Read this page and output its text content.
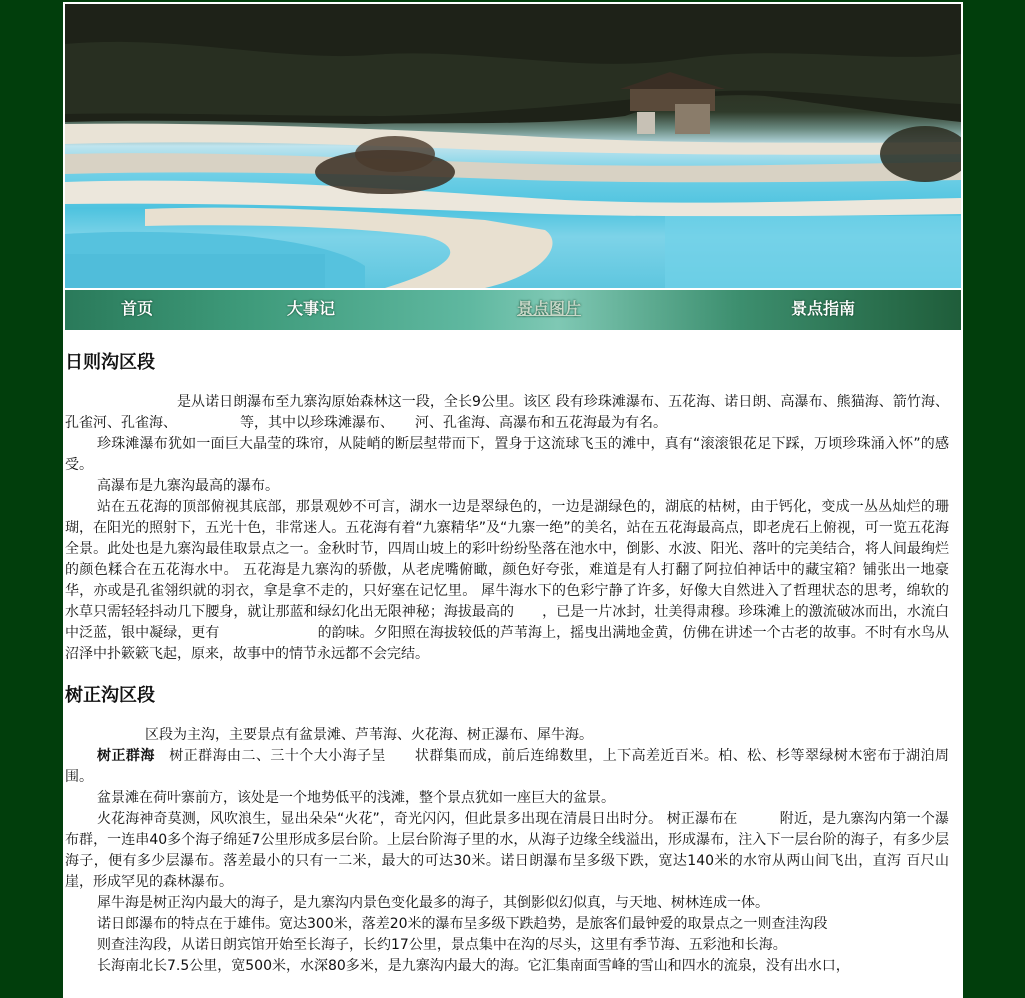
首页	大事记	景点图片	景点指南
日则沟区段

是从诺日朗瀑布至九寨沟原始森林这一段，全长9公里。该区 段有珍珠滩瀑布、五花海、诺日朗、高瀑布、熊猫海、箭竹海、孔雀河、孔雀海、　　　　　等，其中以珍珠滩瀑布、　　河、孔雀海、高瀑布和五花海最为有名。

珍珠滩瀑布犹如一面巨大晶莹的珠帘，从陡峭的断层堼带而下，置身于这流球飞玉的滩中，真有“滚滚银花足下踩，万顷珍珠涌入怀”的感受。

高瀑布是九寨沟最高的瀑布。

站在五花海的顶部俯视其底部，那景观妙不可言，湖水一边是翠绿色的，一边是湖绿色的，湖底的枯树，由于钙化，变成一丛丛灿烂的珊瑚，在阳光的照射下，五光十色，非常迷人。五花海有着“九寨精华”及“九寨一绝”的美名，站在五花海最高点，即老虎石上俯视，可一览五花海全景。此处也是九寨沟最佳取景点之一。金秋时节，四周山坡上的彩叶纷纷坠落在池水中，倒影、水波、阳光、落叶的完美结合，将人间最绚烂的颜色糅合在五花海水中。 五花海是九寨沟的骄傲，从老虎嘴俯瞰，颜色好夸张，难道是有人打翻了阿拉伯神话中的藏宝箱？铺张出一地豪华，亦或是孔雀翎织就的羽衣，拿是拿不走的，只好塞在记忆里。 犀牛海水下的色彩宁静了许多，好像大自然进入了哲理状态的思考，绵软的水草只需轻轻抖动几下腰身，就让那蓝和绿幻化出无限神秘；海拔最高的　　，已是一片冰封，壮美得肃穆。珍珠滩上的激流破冰而出，水流白中泛蓝，银中凝绿，更有　　　　　　　的韵味。夕阳照在海拔较低的芦苇海上，摇曳出满地金黄，仿佛在讲述一个古老的故事。不时有水鸟从沼泽中扑簌簌飞起，原来，故事中的情节永远都不会完结。

树正沟区段

区段为主沟，主要景点有盆景滩、芦苇海、火花海、树正瀑布、犀牛海。

树正群海　 树正群海由二、三十个大小海子呈　　状群集而成，前后连绵数里，上下高差近百米。柏、松、杉等翠绿树木密布于湖泊周围。

盆景滩在荷叶寨前方，该处是一个地势低平的浅滩，整个景点犹如一座巨大的盆景。

火花海神奇莫测，风吹浪生，显出朵朵“火花”，奇光闪闪，但此景多出现在清晨日出时分。 树正瀑布在　　　附近，是九寨沟内第一个瀑布群，一连串40多个海子绵延7公里形成多层台阶。上层台阶海子里的水，从海子边缘全线溢出，形成瀑布，注入下一层台阶的海子，有多少层海子，便有多少层瀑布。落差最小的只有一二米，最大的可达30米。诺日朗瀑布呈多级下跌，宽达140米的水帘从两山间飞出，直泻 百尺山崖，形成罕见的森林瀑布。

犀牛海是树正沟内最大的海子，是九寨沟内景色变化最多的海子，其倒影似幻似真，与天地、树林连成一体。

诺日郎瀑布的特点在于雄伟。宽达300米，落差20米的瀑布呈多级下跌趋势，是旅客们最钟爱的取景点之一则查洼沟段

则查洼沟段，从诺日朗宾馆开始至长海子，长约17公里，景点集中在沟的尽头，这里有季节海、五彩池和长海。

长海南北长7.5公里，宽500米，水深80多米，是九寨沟内最大的海。它汇集南面雪峰的雪山和四水的流泉，没有出水口，
